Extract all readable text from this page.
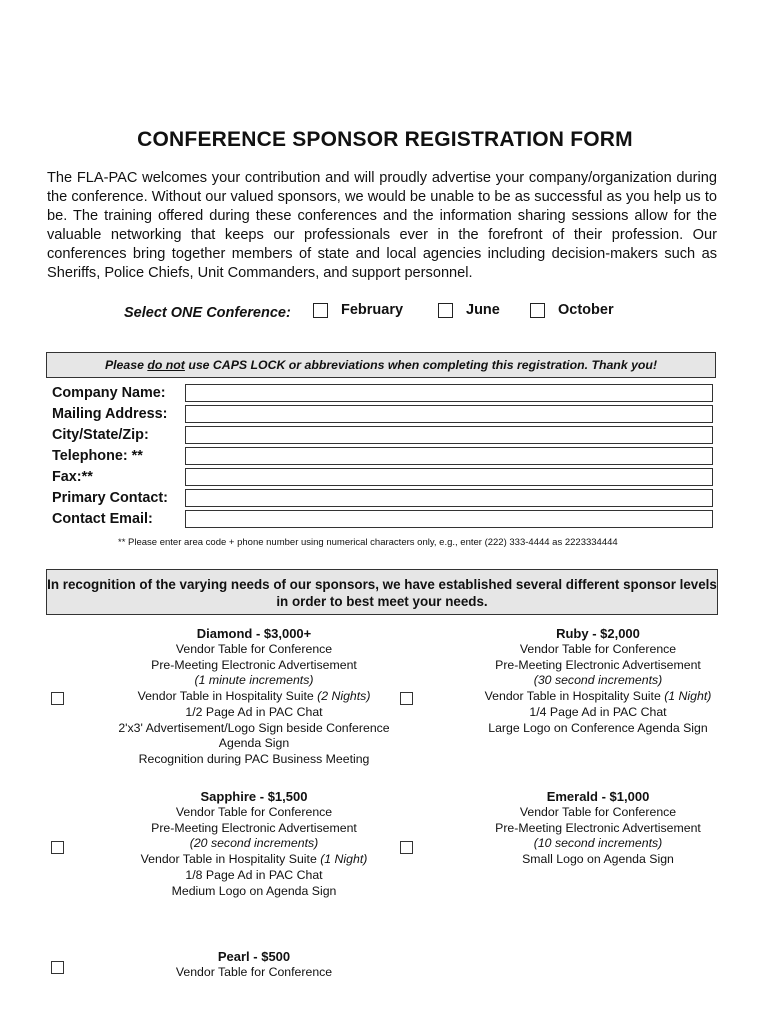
CONFERENCE SPONSOR REGISTRATION FORM
The FLA-PAC welcomes your contribution and will proudly advertise your company/organization during the conference. Without our valued sponsors, we would be unable to be as successful as you help us to be. The training offered during these conferences and the information sharing sessions allow for the valuable networking that keeps our professionals ever in the forefront of their profession. Our conferences bring together members of state and local agencies including decision-makers such as Sheriffs, Police Chiefs, Unit Commanders, and support personnel.
Select ONE Conference:	February	June	October
Please do not use CAPS LOCK or abbreviations when completing this registration. Thank you!
Company Name:
Mailing Address:
City/State/Zip:
Telephone: **
Fax:**
Primary Contact:
Contact Email:
** Please enter area code + phone number using numerical characters only, e.g., enter (222) 333-4444 as 2223334444
In recognition of the varying needs of our sponsors, we have established several different sponsor levels in order to best meet your needs.
Diamond - $3,000+
Vendor Table for Conference
Pre-Meeting Electronic Advertisement
(1 minute increments)
Vendor Table in Hospitality Suite (2 Nights)
1/2 Page Ad in PAC Chat
2'x3' Advertisement/Logo Sign beside Conference
Agenda Sign
Recognition during PAC Business Meeting
Ruby - $2,000
Vendor Table for Conference
Pre-Meeting Electronic Advertisement
(30 second increments)
Vendor Table in Hospitality Suite (1 Night)
1/4 Page Ad in PAC Chat
Large Logo on Conference Agenda Sign
Sapphire - $1,500
Vendor Table for Conference
Pre-Meeting Electronic Advertisement
(20 second increments)
Vendor Table in Hospitality Suite (1 Night)
1/8 Page Ad in PAC Chat
Medium Logo on Agenda Sign
Emerald - $1,000
Vendor Table for Conference
Pre-Meeting Electronic Advertisement
(10 second increments)
Small Logo on Agenda Sign
Pearl - $500
Vendor Table for Conference
